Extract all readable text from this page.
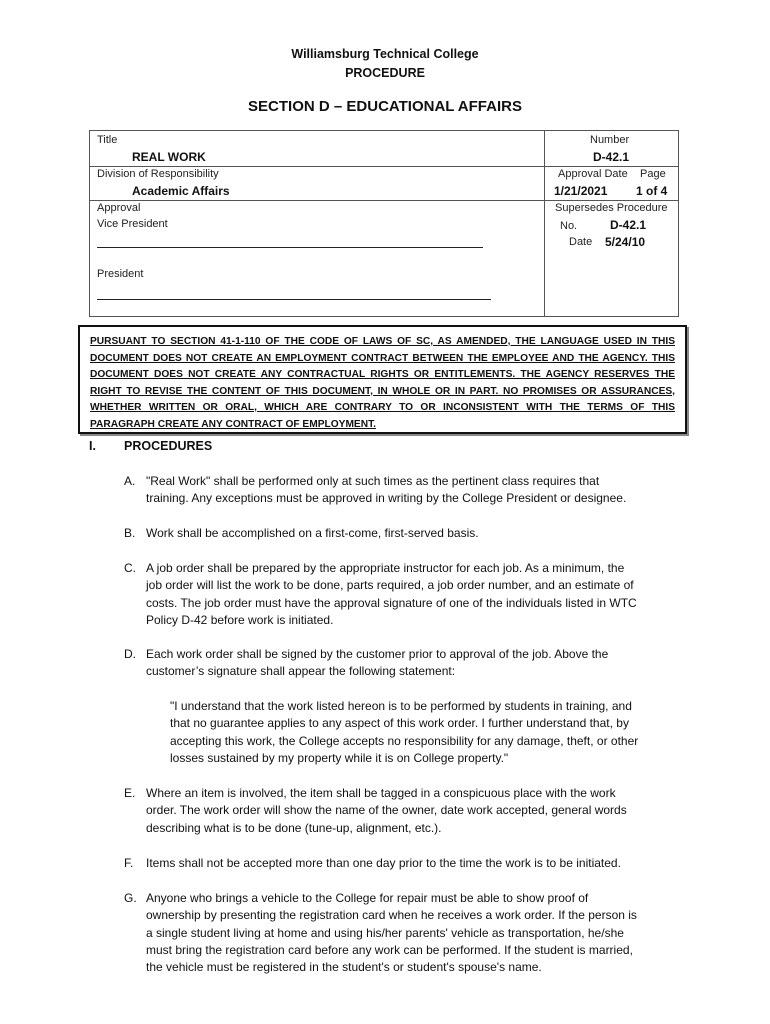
Williamsburg Technical College
PROCEDURE
SECTION D – EDUCATIONAL AFFAIRS
Title
REAL WORK
Division of Responsibility
Academic Affairs
Approval
Vice President
President
Number
D-42.1
Approval Date Page
1/21/2021 1 of 4
Supersedes Procedure
No.	D-42.1
Date 5/24/10
PURSUANT TO SECTION 41-1-110 OF THE CODE OF LAWS OF SC, AS AMENDED, THE LANGUAGE USED IN THIS DOCUMENT DOES NOT CREATE AN EMPLOYMENT CONTRACT BETWEEN THE EMPLOYEE AND THE AGENCY. THIS DOCUMENT DOES NOT CREATE ANY CONTRACTUAL RIGHTS OR ENTITLEMENTS. THE AGENCY RESERVES THE RIGHT TO REVISE THE CONTENT OF THIS DOCUMENT, IN WHOLE OR IN PART. NO PROMISES OR ASSURANCES, WHETHER WRITTEN OR ORAL, WHICH ARE CONTRARY TO OR INCONSISTENT WITH THE TERMS OF THIS PARAGRAPH CREATE ANY CONTRACT OF EMPLOYMENT.
I. PROCEDURES
A. "Real Work" shall be performed only at such times as the pertinent class requires that
training. Any exceptions must be approved in writing by the College President or designee.
B. Work shall be accomplished on a first-come, first-served basis.
C. A job order shall be prepared by the appropriate instructor for each job. As a minimum, the
job order will list the work to be done, parts required, a job order number, and an estimate of
costs. The job order must have the approval signature of one of the individuals listed in WTC
Policy D-42 before work is initiated.
D. Each work order shall be signed by the customer prior to approval of the job. Above the
customer’s signature shall appear the following statement:
E. Where an item is involved, the item shall be tagged in a conspicuous place with the work
order. The work order will show the name of the owner, date work accepted, general words
describing what is to be done (tune-up, alignment, etc.).
F. Items shall not be accepted more than one day prior to the time the work is to be initiated.
G. Anyone who brings a vehicle to the College for repair must be able to show proof of
ownership by presenting the registration card when he receives a work order. If the person is
a single student living at home and using his/her parents' vehicle as transportation, he/she
must bring the registration card before any work can be performed. If the student is married,
the vehicle must be registered in the student's or student's spouse's name.
"I understand that the work listed hereon is to be performed by students in training, and
that no guarantee applies to any aspect of this work order. I further understand that, by
accepting this work, the College accepts no responsibility for any damage, theft, or other
losses sustained by my property while it is on College property."
